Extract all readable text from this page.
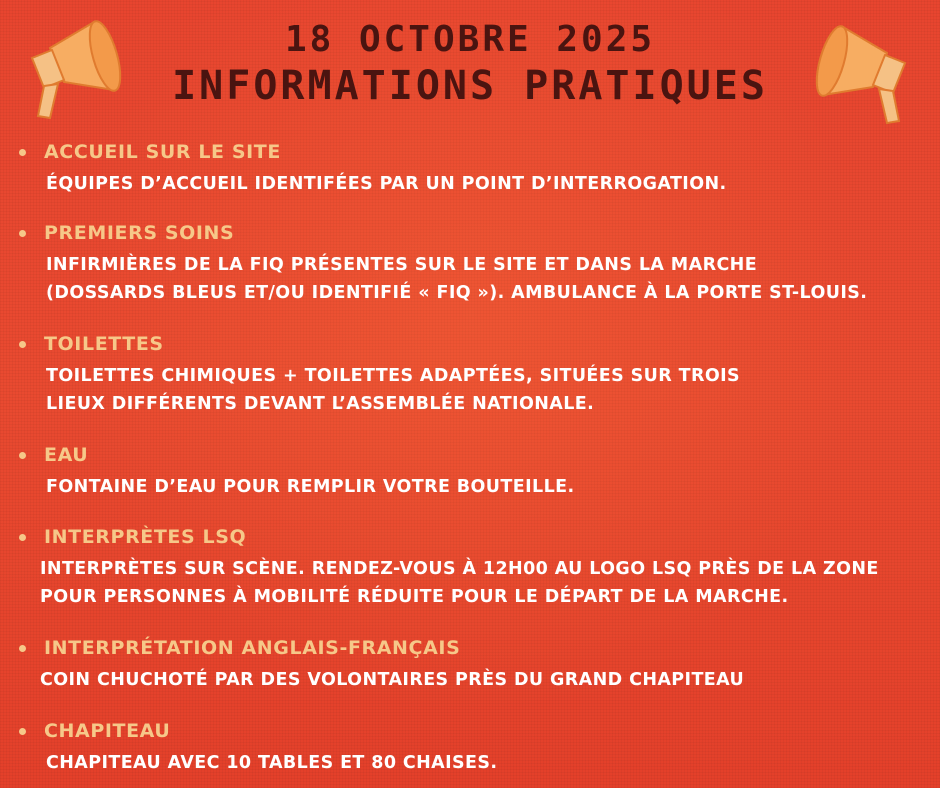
18 OCTOBRE 2025
INFORMATIONS PRATIQUES
ACCUEIL SUR LE SITE
ÉQUIPES D’ACCUEIL IDENTIFÉES PAR UN POINT D’INTERROGATION.
PREMIERS SOINS
INFIRMIÈRES DE LA FIQ PRÉSENTES SUR LE SITE ET DANS LA MARCHE
(DOSSARDS BLEUS ET/OU IDENTIFIÉ « FIQ »). AMBULANCE À LA PORTE ST-LOUIS.
TOILETTES
TOILETTES CHIMIQUES + TOILETTES ADAPTÉES, SITUÉES SUR TROIS
LIEUX DIFFÉRENTS DEVANT L’ASSEMBLÉE NATIONALE.
EAU
FONTAINE D’EAU POUR REMPLIR VOTRE BOUTEILLE.
INTERPRÈTES LSQ
INTERPRÈTES SUR SCÈNE. RENDEZ-VOUS À 12H00 AU LOGO LSQ PRÈS DE LA ZONE
POUR PERSONNES À MOBILITÉ RÉDUITE POUR LE DÉPART DE LA MARCHE.
INTERPRÉTATION ANGLAIS-FRANÇAIS
COIN CHUCHOTÉ PAR DES VOLONTAIRES PRÈS DU GRAND CHAPITEAU
CHAPITEAU
CHAPITEAU AVEC 10 TABLES ET 80 CHAISES.
